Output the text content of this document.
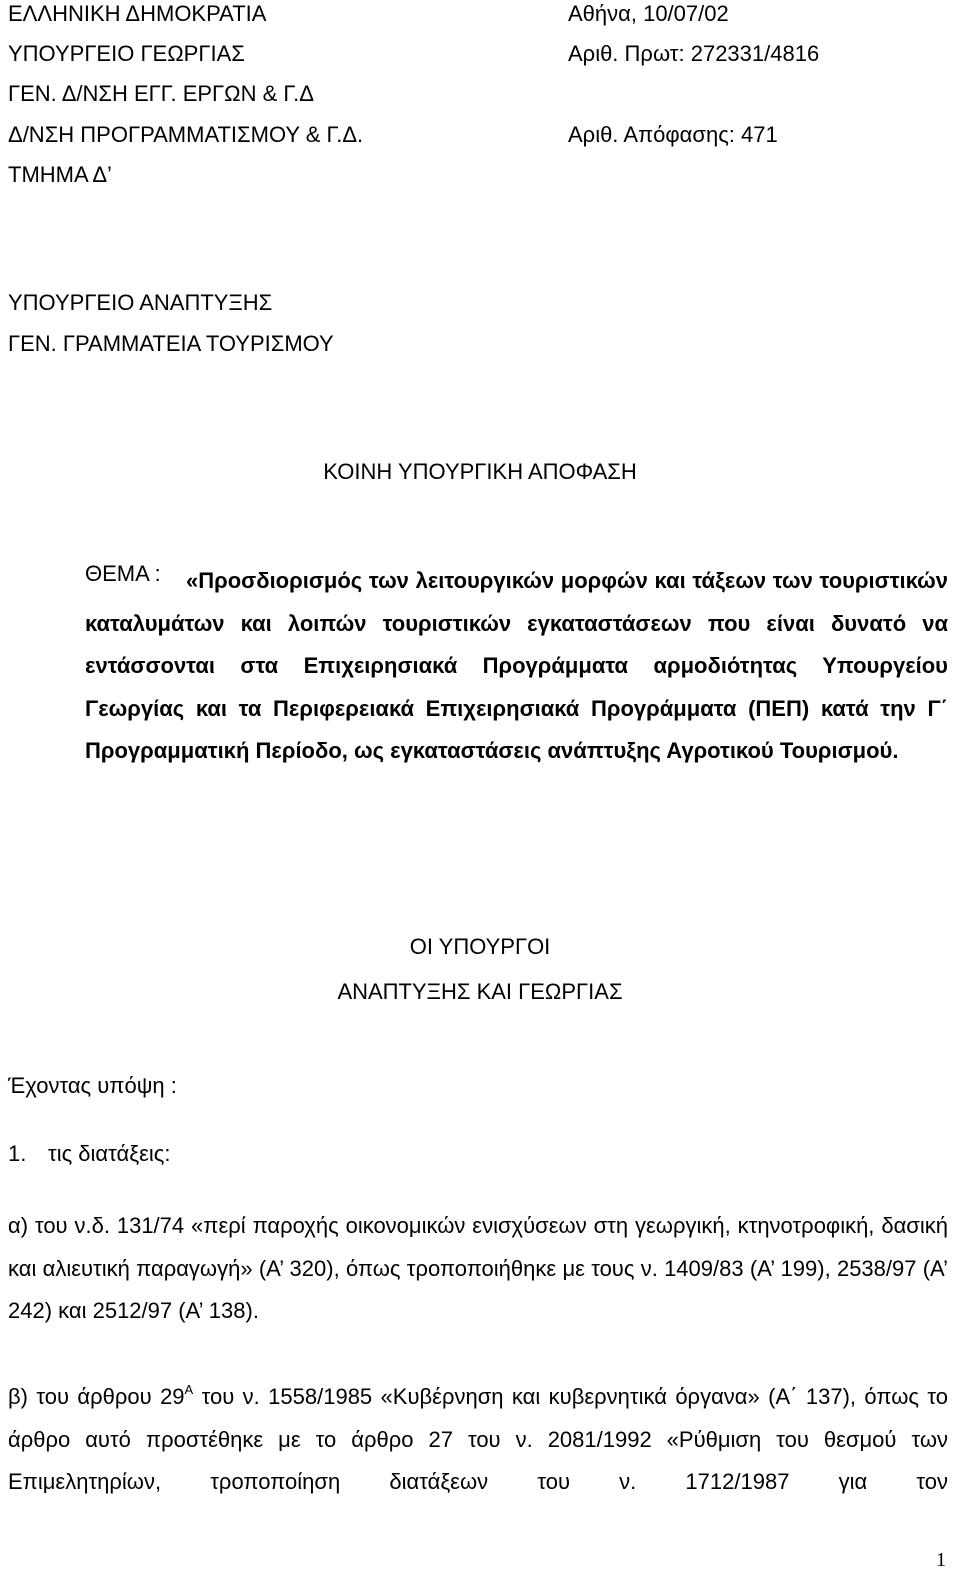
ΕΛΛΗΝΙΚΗ ΔΗΜΟΚΡΑΤΙΑ
ΥΠΟΥΡΓΕΙΟ ΓΕΩΡΓΙΑΣ
ΓΕΝ. Δ/ΝΣΗ ΕΓΓ. ΕΡΓΩΝ & Γ.Δ
Δ/ΝΣΗ ΠΡΟΓΡΑΜΜΑΤΙΣΜΟΥ & Γ.Δ.
ΤΜΗΜΑ Δ’
Αθήνα, 10/07/02
Αριθ. Πρωτ: 272331/4816
Αριθ. Απόφασης: 471
ΥΠΟΥΡΓΕΙΟ ΑΝΑΠΤΥΞΗΣ
ΓΕΝ. ΓΡΑΜΜΑΤΕΙΑ ΤΟΥΡΙΣΜΟΥ
ΚΟΙΝΗ ΥΠΟΥΡΓΙΚΗ ΑΠΟΦΑΣΗ
ΘΕΜΑ :	«Προσδιορισμός των λειτουργικών μορφών και τάξεων των τουριστικών καταλυμάτων και λοιπών τουριστικών εγκαταστάσεων που είναι δυνατό να εντάσσονται στα Επιχειρησιακά Προγράμματα αρμοδιότητας Υπουργείου Γεωργίας και τα Περιφερειακά Επιχειρησιακά Προγράμματα (ΠΕΠ) κατά την Γ΄ Προγραμματική Περίοδο, ως εγκαταστάσεις ανάπτυξης Αγροτικού Τουρισμού.
ΟΙ ΥΠΟΥΡΓΟΙ
ΑΝΑΠΤΥΞΗΣ ΚΑΙ ΓΕΩΡΓΙΑΣ
Έχοντας υπόψη :
1. τις διατάξεις:
α) του ν.δ. 131/74 «περί παροχής οικονομικών ενισχύσεων στη γεωργική, κτηνοτροφική, δασική και αλιευτική παραγωγή» (Α’ 320), όπως τροποποιήθηκε με τους ν. 1409/83 (Α’ 199), 2538/97 (Α’ 242) και 2512/97 (Α’ 138).
β) του άρθρου $29^A$ του ν. 1558/1985 «Κυβέρνηση και κυβερνητικά όργανα» (Α΄ 137), όπως το άρθρο αυτό προστέθηκε με το άρθρο 27 του ν. 2081/1992 «Ρύθμιση του θεσμού των Επιμελητηρίων, τροποποίηση διατάξεων του ν. 1712/1987 για τον
1
